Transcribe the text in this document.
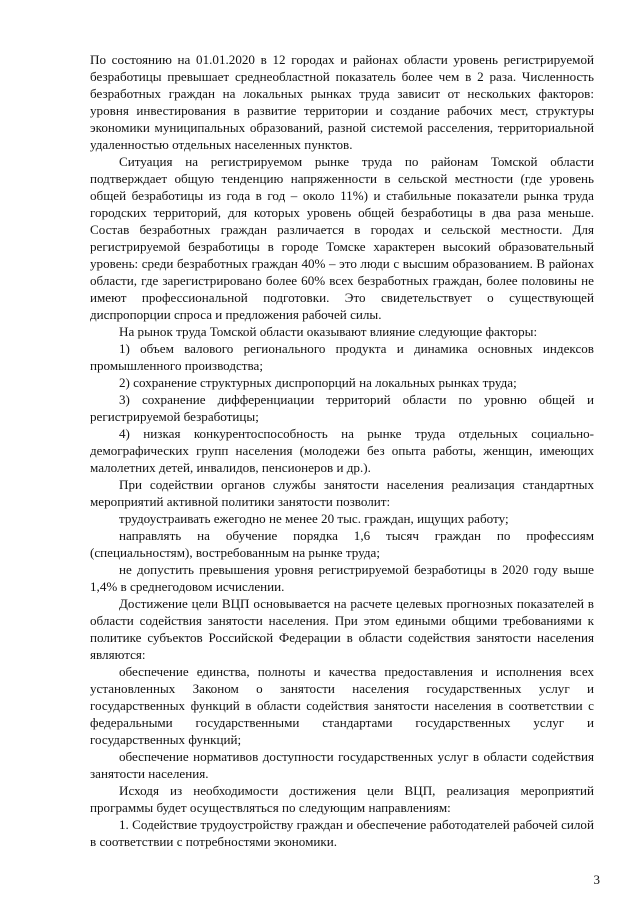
По состоянию на 01.01.2020 в 12 городах и районах области уровень регистрируемой безработицы превышает среднеобластной показатель более чем в 2 раза. Численность безработных граждан на локальных рынках труда зависит от нескольких факторов: уровня инвестирования в развитие территории и создание рабочих мест, структуры экономики муниципальных образований, разной системой расселения, территориальной удаленностью отдельных населенных пунктов.

Ситуация на регистрируемом рынке труда по районам Томской области подтверждает общую тенденцию напряженности в сельской местности (где уровень общей безработицы из года в год – около 11%) и стабильные показатели рынка труда городских территорий, для которых уровень общей безработицы в два раза меньше. Состав безработных граждан различается в городах и сельской местности. Для регистрируемой безработицы в городе Томске характерен высокий образовательный уровень: среди безработных граждан 40% – это люди с высшим образованием. В районах области, где зарегистрировано более 60% всех безработных граждан, более половины не имеют профессиональной подготовки. Это свидетельствует о существующей диспропорции спроса и предложения рабочей силы.

На рынок труда Томской области оказывают влияние следующие факторы:

1) объем валового регионального продукта и динамика основных индексов промышленного производства;

2) сохранение структурных диспропорций на локальных рынках труда;

3) сохранение дифференциации территорий области по уровню общей и регистрируемой безработицы;

4) низкая конкурентоспособность на рынке труда отдельных социально-демографических групп населения (молодежи без опыта работы, женщин, имеющих малолетних детей, инвалидов, пенсионеров и др.).

При содействии органов службы занятости населения реализация стандартных мероприятий активной политики занятости позволит:

трудоустраивать ежегодно не менее 20 тыс. граждан, ищущих работу;

направлять на обучение порядка 1,6 тысяч граждан по профессиям (специальностям), востребованным на рынке труда;

не допустить превышения уровня регистрируемой безработицы в 2020 году выше 1,4% в среднегодовом исчислении.

Достижение цели ВЦП основывается на расчете целевых прогнозных показателей в области содействия занятости населения. При этом едиными общими требованиями к политике субъектов Российской Федерации в области содействия занятости населения являются:

обеспечение единства, полноты и качества предоставления и исполнения всех установленных Законом о занятости населения государственных услуг и государственных функций в области содействия занятости населения в соответствии с федеральными государственными стандартами государственных услуг и государственных функций;

обеспечение нормативов доступности государственных услуг в области содействия занятости населения.

Исходя из необходимости достижения цели ВЦП, реализация мероприятий программы будет осуществляться по следующим направлениям:

1. Содействие трудоустройству граждан и обеспечение работодателей рабочей силой в соответствии с потребностями экономики.

3
